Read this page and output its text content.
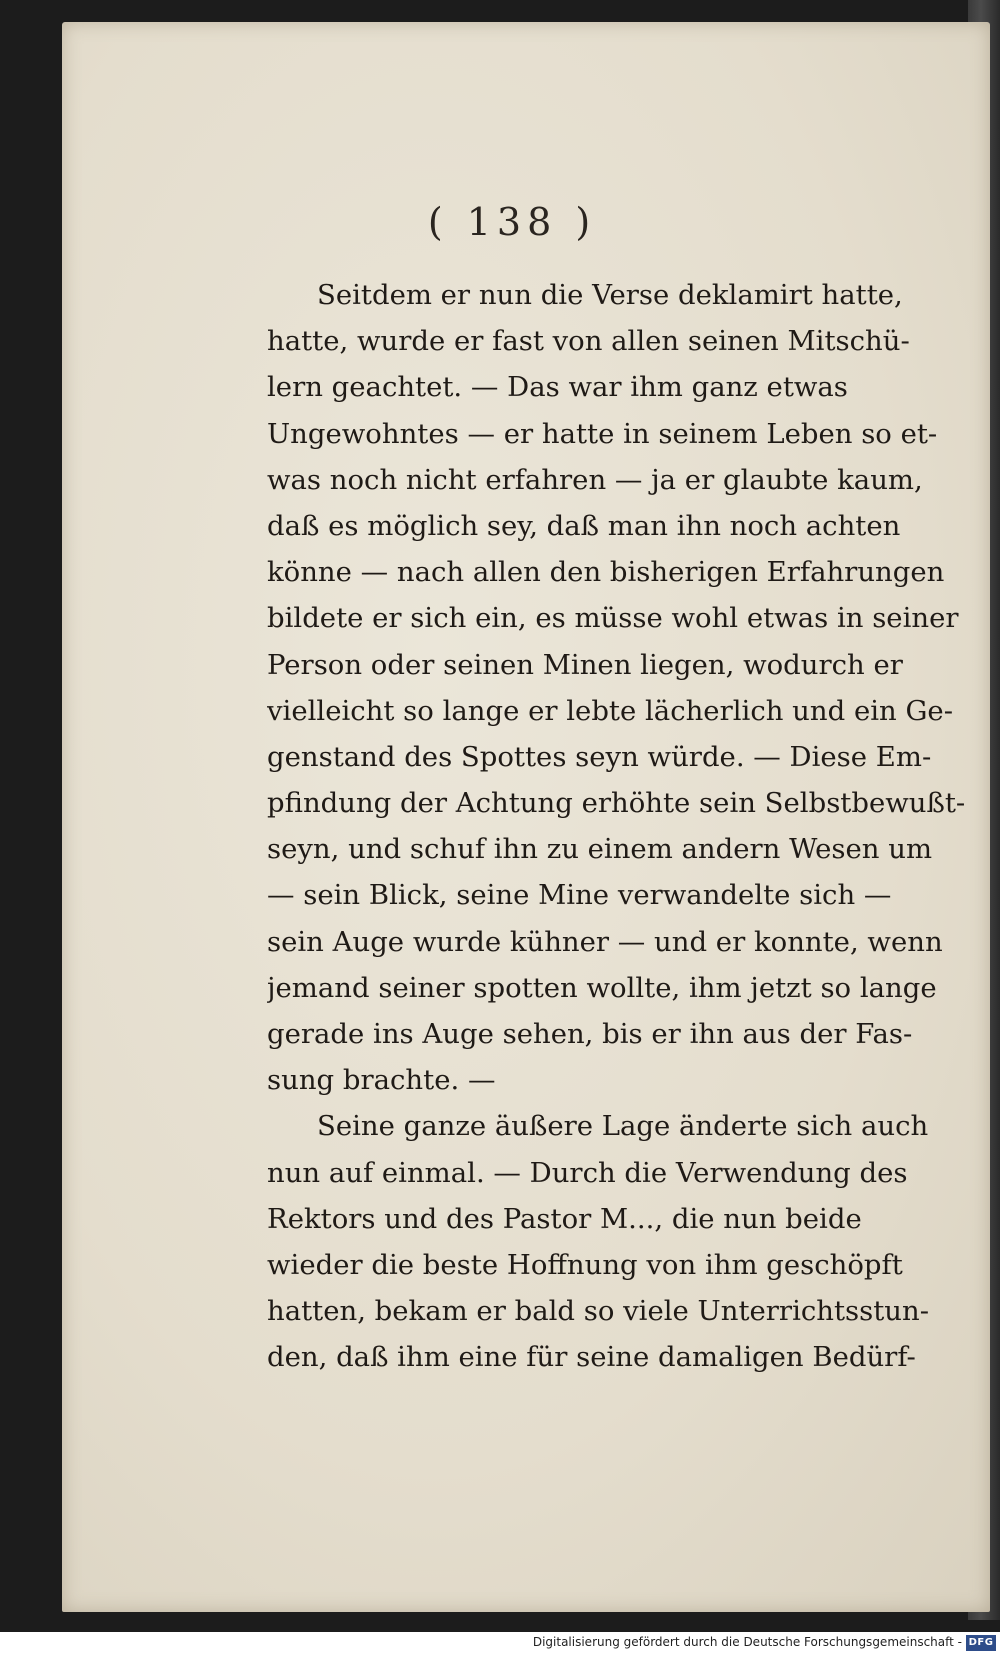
( 138 )
Seitdem er nun die Verse deklamirt hatte,
hatte, wurde er fast von allen seinen Mitschü-
lern geachtet. — Das war ihm ganz etwas
Ungewohntes — er hatte in seinem Leben so et-
was noch nicht erfahren — ja er glaubte kaum,
daß es möglich sey, daß man ihn noch achten
könne — nach allen den bisherigen Erfahrungen
bildete er sich ein, es müsse wohl etwas in seiner
Person oder seinen Minen liegen, wodurch er
vielleicht so lange er lebte lächerlich und ein Ge-
genstand des Spottes seyn würde. — Diese Em-
pfindung der Achtung erhöhte sein Selbstbewußt-
seyn, und schuf ihn zu einem andern Wesen um
— sein Blick, seine Mine verwandelte sich —
sein Auge wurde kühner — und er konnte, wenn
jemand seiner spotten wollte, ihm jetzt so lange
gerade ins Auge sehen, bis er ihn aus der Fas-
sung brachte. —
Seine ganze äußere Lage änderte sich auch
nun auf einmal. — Durch die Verwendung des
Rektors und des Pastor M..., die nun beide
wieder die beste Hoffnung von ihm geschöpft
hatten, bekam er bald so viele Unterrichtsstun-
den, daß ihm eine für seine damaligen Bedürf-
Digitalisierung gefördert durch die Deutsche Forschungsgemeinschaft - DFG
